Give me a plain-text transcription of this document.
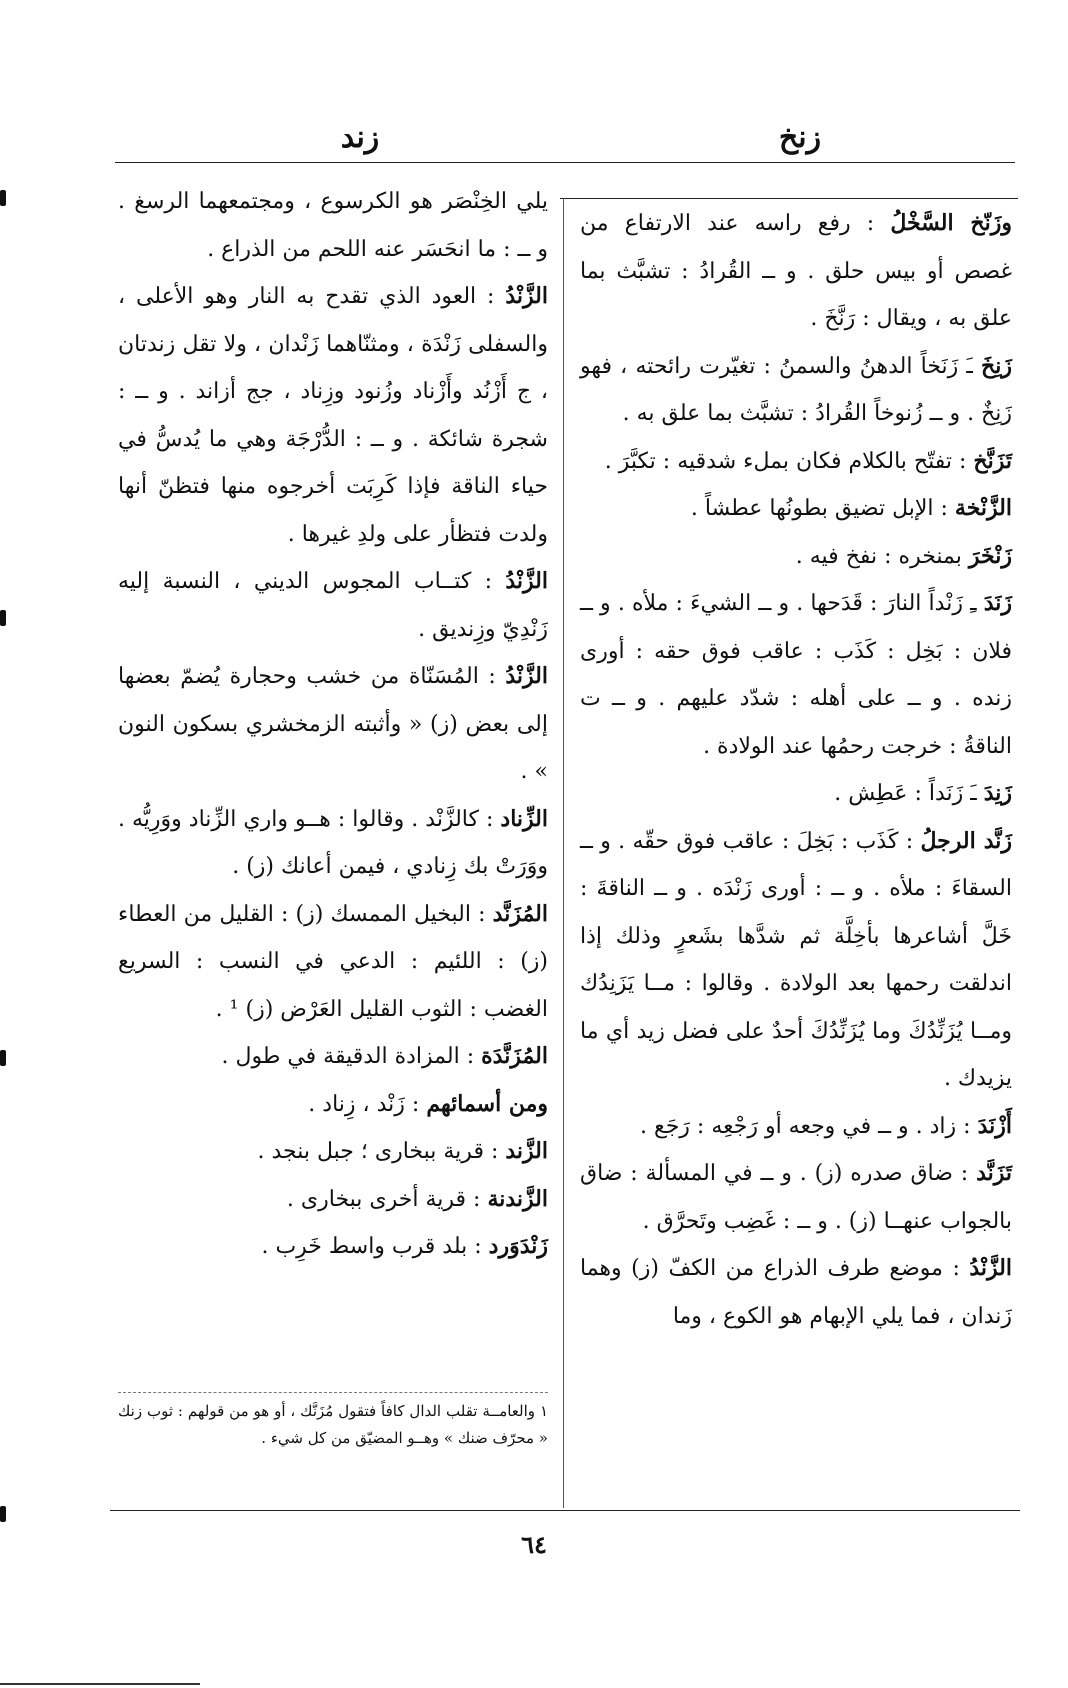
زنخ
زند

وزَنّخ السَّخْلُ : رفع راسه عند الارتفاع من غصص أو بيس حلق . و ــ القُرادُ : تشبَّث بما علق به ، ويقال : رَنَّخَ .

زَنِخَ ـَ زَنَخاً الدهنُ والسمنُ : تغيّرت رائحته ، فهو زَنِخٌ . و ــ زُنوخاً القُرادُ : تشبَّث بما علق به .

تَزَنَّخ : تفتّح بالكلام فكان بملء شدقيه : تكبَّرَ .

الزَّنْخة : الإبل تضيق بطونُها عطشاً .

زَنْخَرَ بمنخره : نفخ فيه .

زَنَدَ ـِ زَنْداً النارَ : قَدَحها . و ــ الشيءَ : ملأه . و ــ فلان : بَخِل : كَذَب : عاقب فوق حقه : أورى زنده . و ــ على أهله : شدّد عليهم . و ــ ت الناقةُ : خرجت رحمُها عند الولادة .

زَنِدَ ـَ زَنَداً : عَطِش .

زَنَّد الرجلُ : كَذَب : بَخِلَ : عاقب فوق حقّه . و ــ السقاءَ : ملأه . و ــ : أورى زَنْدَه . و ــ الناقةَ : خَلَّ أشاعرها بأخِلَّة ثم شدَّها بشَعرٍ وذلك إذا اندلقت رحمها بعد الولادة . وقالوا : مــا يَزَنِدُك ومــا يُزَنِّدُكَ وما يُزَنِّدُكَ أحدٌ على فضل زيد أي ما يزيدك .

أَزْنَدَ : زاد . و ــ في وجعه أو رَجْعِه : رَجَع .

تَزَنَّد : ضاق صدره (ز) . و ــ في المسألة : ضاق بالجواب عنهــا (ز) . و ــ : غَضِب وتَحرَّق .

الزَّنْدُ : موضع طرف الذراع من الكفّ (ز) وهما زَندان ، فما يلي الإبهام هو الكوع ، وما

يلي الخِنْصَر هو الكرسوع ، ومجتمعهما الرسغ . و ــ : ما انحَسَر عنه اللحم من الذراع .

الزَّنْدُ : العود الذي تقدح به النار وهو الأعلى ، والسفلى زَنْدَة ، ومثنّاهما زَنْدان ، ولا تقل زندتان ، ج أَزْنُد وأَزْناد وزُنود وزِناد ، جج أزاند . و ــ : شجرة شائكة . و ــ : الدُّرْجَة وهي ما يُدسُّ في حياء الناقة فإذا كَرِبَت أخرجوه منها فتظنّ أنها ولدت فتظأر على ولدِ غيرها .

الزَّنْدُ : كتــاب المجوس الديني ، النسبة إليه زَنْدِيّ وزِنديق .

الزَّنْدُ : المُسَنّاة من خشب وحجارة يُضمّ بعضها إلى بعض (ز) « وأثبته الزمخشري بسكون النون » .

الزِّناد : كالزَّنْد . وقالوا : هــو واري الزِّناد ووَرِيُّه . ووَرَتْ بك زِنادي ، فيمن أعانك (ز) .

المُزَنَّد : البخيل الممسك (ز) : القليل من العطاء (ز) : اللئيم : الدعي في النسب : السريع الغضب : الثوب القليل العَرْض (ز) ¹ .

المُزَنَّدَة : المزادة الدقيقة في طول .

ومن أسمائهم : زَنْد ، زِناد .

الزَّند : قرية ببخارى ؛ جبل بنجد .

الزَّندنة : قرية أخرى ببخارى .

زَنْدَوَرد : بلد قرب واسط خَرِب .

١ والعامــة تقلب الدال كافاً فتقول مُزَنَّك ، أو هو من قولهم : ثوب زنك « محرّف ضنك » وهــو المضيّق من كل شيء .
٦٤
